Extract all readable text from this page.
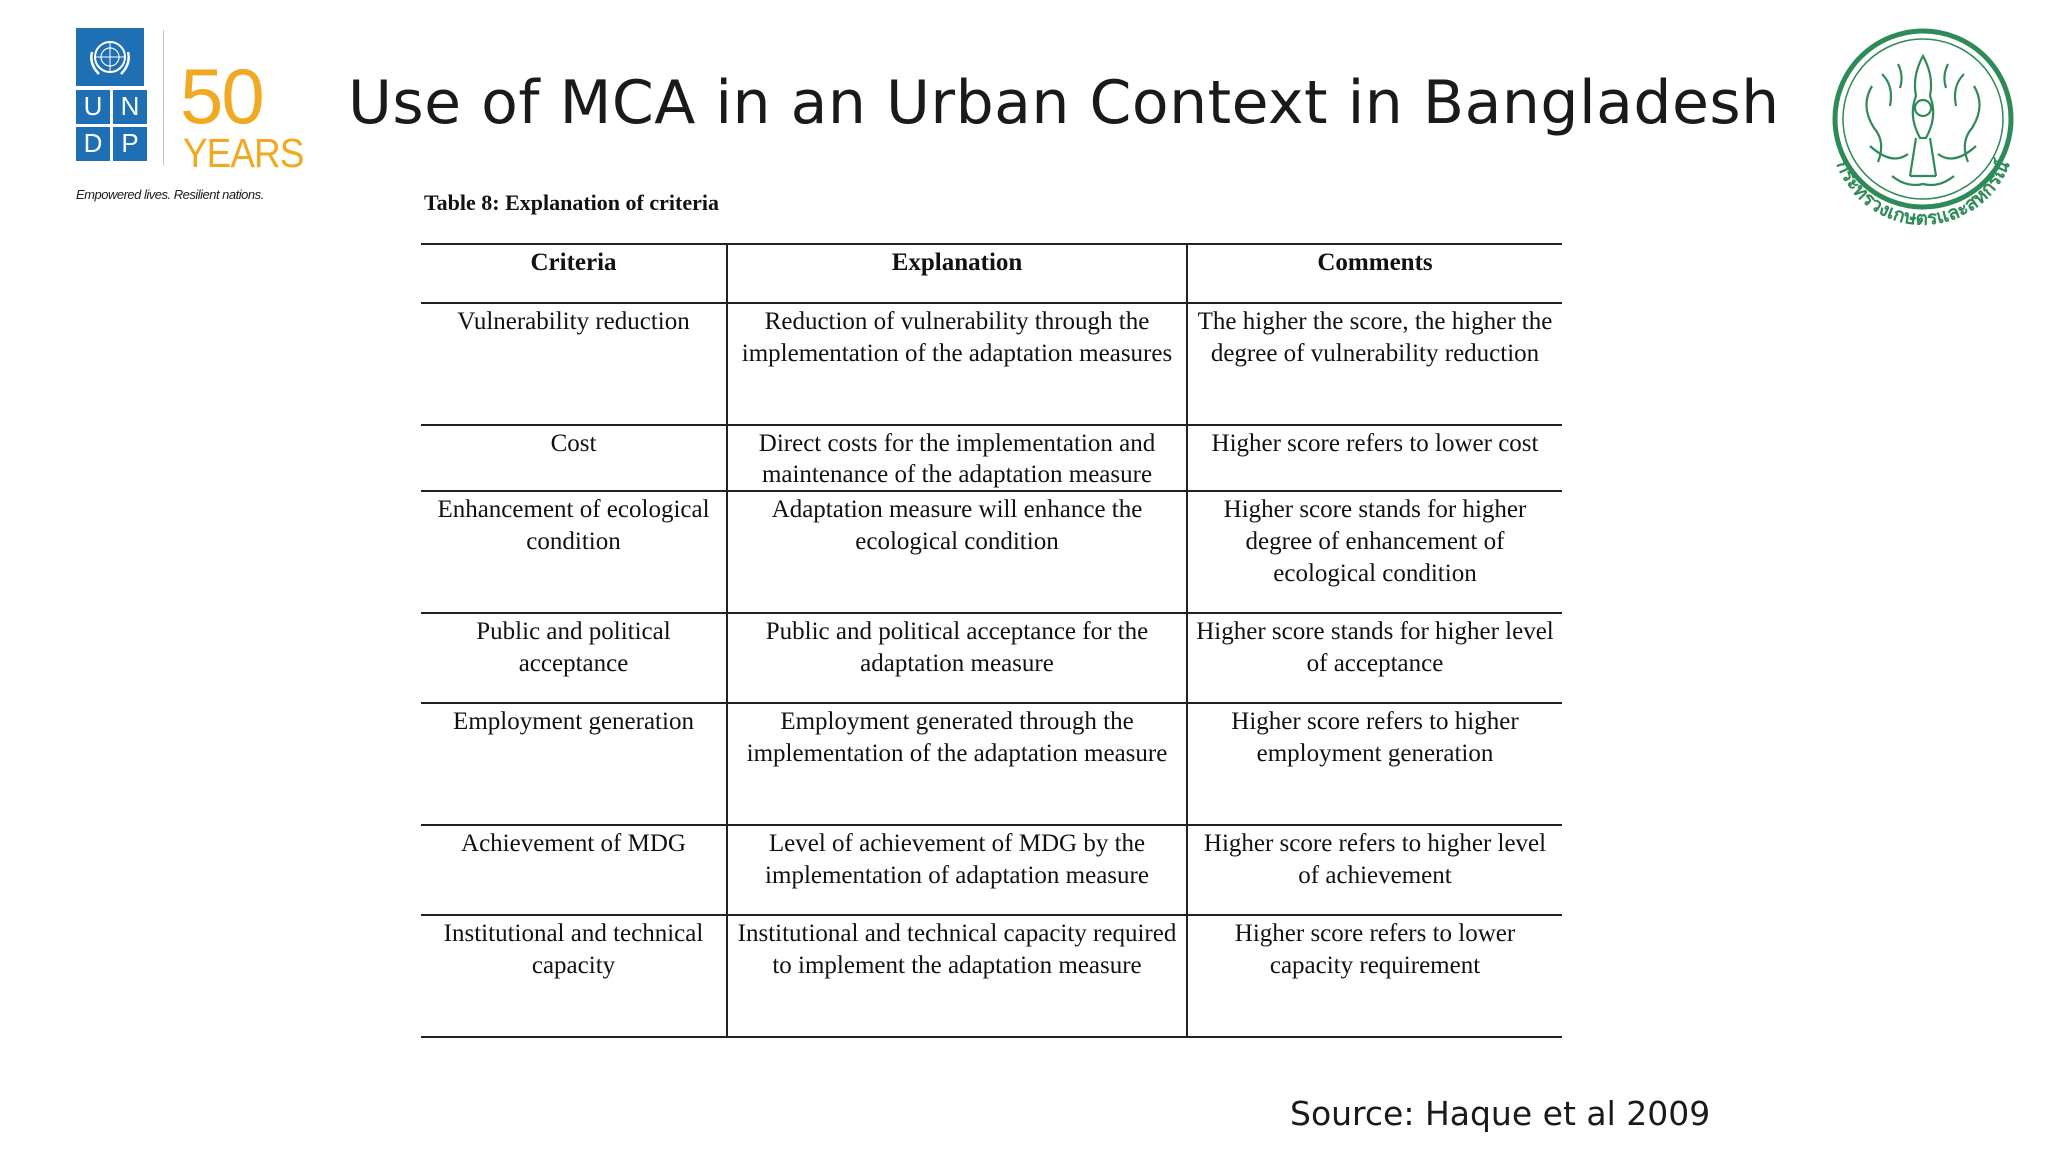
U N
D P
50
YEARS
Empowered lives. Resilient nations.
Use of MCA in an Urban Context in Bangladesh
กระทรวงเกษตรและสหกรณ์
Table 8: Explanation of criteria
Criteria	Explanation	Comments
Vulnerability reduction	Reduction of vulnerability through the implementation of the adaptation measures	The higher the score, the higher the degree of vulnerability reduction
Cost	Direct costs for the implementation and maintenance of the adaptation measure	Higher score refers to lower cost
Enhancement of ecological condition	Adaptation measure will enhance the ecological condition	Higher score stands for higher degree of enhancement of ecological condition
Public and political acceptance	Public and political acceptance for the adaptation measure	Higher score stands for higher level of acceptance
Employment generation	Employment generated through the implementation of the adaptation measure	Higher score refers to higher employment generation
Achievement of MDG	Level of achievement of MDG by the implementation of adaptation measure	Higher score refers to higher level of achievement
Institutional and technical capacity	Institutional and technical capacity required to implement the adaptation measure	Higher score refers to lower capacity requirement
Source: Haque et al 2009
